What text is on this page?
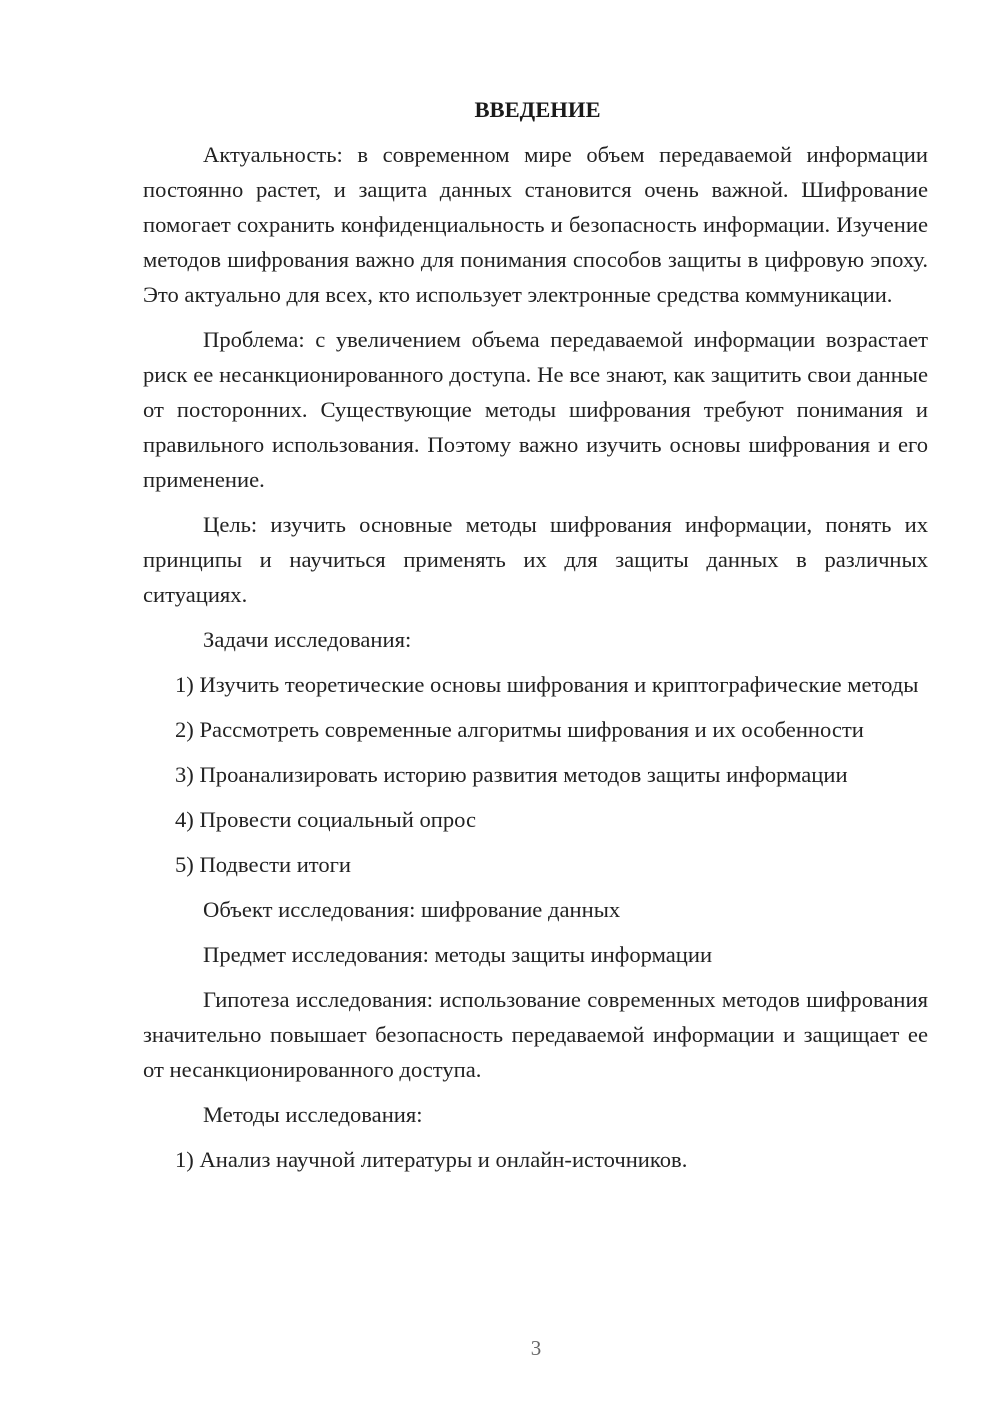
ВВЕДЕНИЕ

Актуальность: в современном мире объем передаваемой информации постоянно растет, и защита данных становится очень важной. Шифрование помогает сохранить конфиденциальность и безопасность информации. Изучение методов шифрования важно для понимания способов защиты в цифровую эпоху. Это актуально для всех, кто использует электронные средства коммуникации.

Проблема: с увеличением объема передаваемой информации возрастает риск ее несанкционированного доступа. Не все знают, как защитить свои данные от посторонних. Существующие методы шифрования требуют понимания и правильного использования. Поэтому важно изучить основы шифрования и его применение.

Цель: изучить основные методы шифрования информации, понять их принципы и научиться применять их для защиты данных в различных ситуациях.

Задачи исследования:

1) Изучить теоретические основы шифрования и криптографические методы

2) Рассмотреть современные алгоритмы шифрования и их особенности

3) Проанализировать историю развития методов защиты информации

4) Провести социальный опрос

5) Подвести итоги

Объект исследования: шифрование данных

Предмет исследования: методы защиты информации

Гипотеза исследования: использование современных методов шифрования значительно повышает безопасность передаваемой информации и защищает ее от несанкционированного доступа.

Методы исследования:

1) Анализ научной литературы и онлайн-источников.

3
